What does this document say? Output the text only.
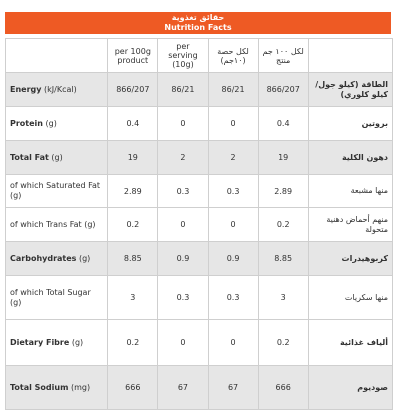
حقائق تغذوية
Nutrition Facts
	per 100g product	per serving (10g)	لكل حصة (١٠جم)	لكل ١٠٠ جم منتج	
Energy (kJ/Kcal)	866/207	86/21	86/21	866/207	الطاقة (كيلو جول/كيلو كلوري)
Protein (g)	0.4	0	0	0.4	بروتين
Total Fat (g)	19	2	2	19	دهون الكلية
of which Saturated Fat (g)	2.89	0.3	0.3	2.89	منها مشبعة
of which Trans Fat (g)	0.2	0	0	0.2	منهم أحماض دهنية متحولة
Carbohydrates (g)	8.85	0.9	0.9	8.85	كربوهيدرات
of which Total Sugar (g)	3	0.3	0.3	3	منها سكريات
Dietary Fibre (g)	0.2	0	0	0.2	ألياف غذائية
Total Sodium (mg)	666	67	67	666	صوديوم
